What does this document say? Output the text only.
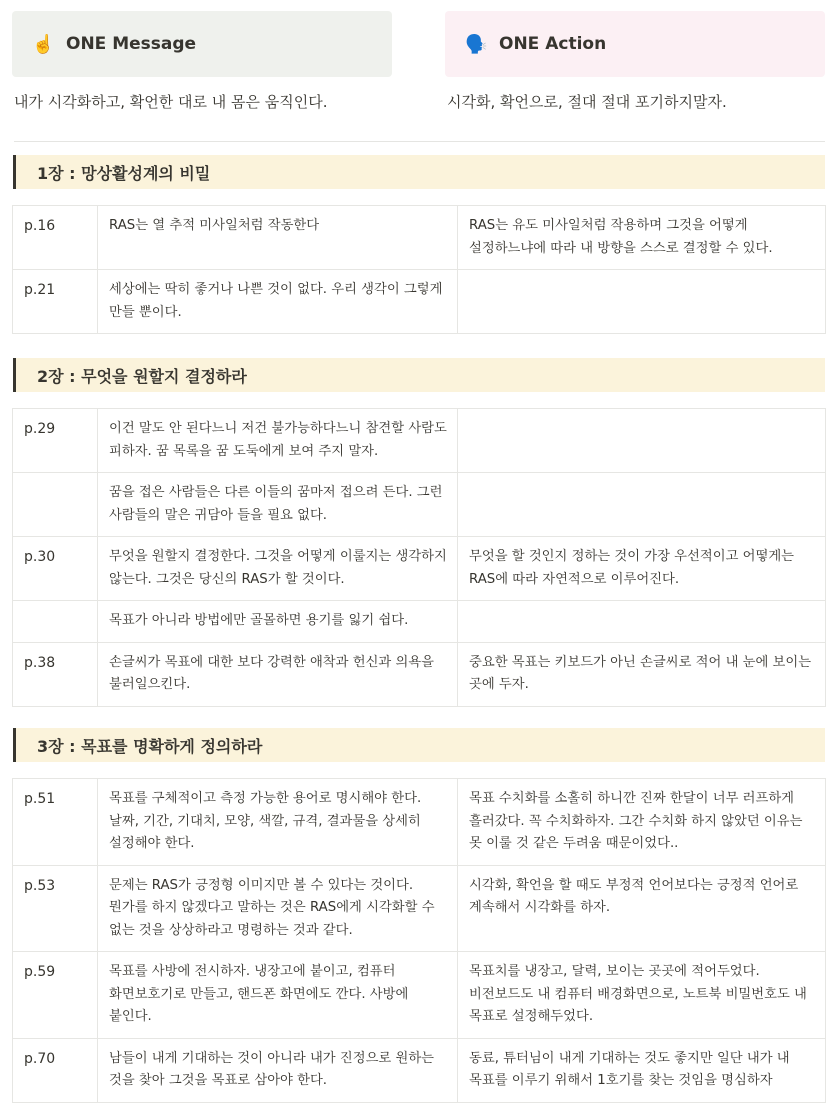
☝️ ONE Message	🗣️ ONE Action
내가 시각화하고, 확언한 대로 내 몸은 움직인다.	시각화, 확언으로, 절대 절대 포기하지말자.
1장 : 망상활성계의 비밀
p.16	RAS는 열 추적 미사일처럼 작동한다	RAS는 유도 미사일처럼 작용하며 그것을 어떻게 설정하느냐에 따라 내 방향을 스스로 결정할 수 있다.
p.21	세상에는 딱히 좋거나 나쁜 것이 없다. 우리 생각이 그렇게 만들 뿐이다.	
2장 : 무엇을 원할지 결정하라
p.29	이건 말도 안 된다느니 저건 불가능하다느니 참견할 사람도 피하자. 꿈 목록을 꿈 도둑에게 보여 주지 말자.	
	꿈을 접은 사람들은 다른 이들의 꿈마저 접으려 든다. 그런 사람들의 말은 귀담아 들을 필요 없다.	
p.30	무엇을 원할지 결정한다. 그것을 어떻게 이룰지는 생각하지 않는다. 그것은 당신의 RAS가 할 것이다.	무엇을 할 것인지 정하는 것이 가장 우선적이고 어떻게는 RAS에 따라 자연적으로 이루어진다.
	목표가 아니라 방법에만 골몰하면 용기를 잃기 쉽다.	
p.38	손글씨가 목표에 대한 보다 강력한 애착과 헌신과 의욕을 불러일으킨다.	중요한 목표는 키보드가 아닌 손글씨로 적어 내 눈에 보이는 곳에 두자.
3장 : 목표를 명확하게 정의하라
p.51	목표를 구체적이고 측정 가능한 용어로 명시해야 한다. 날짜, 기간, 기대치, 모양, 색깔, 규격, 결과물을 상세히 설정해야 한다.	목표 수치화를 소홀히 하니깐 진짜 한달이 너무 러프하게 흘러갔다. 꼭 수치화하자. 그간 수치화 하지 않았던 이유는 못 이룰 것 같은 두려움 때문이었다..
p.53	문제는 RAS가 긍정형 이미지만 볼 수 있다는 것이다. 뭔가를 하지 않겠다고 말하는 것은 RAS에게 시각화할 수 없는 것을 상상하라고 명령하는 것과 같다.	시각화, 확언을 할 때도 부정적 언어보다는 긍정적 언어로 계속해서 시각화를 하자.
p.59	목표를 사방에 전시하자. 냉장고에 붙이고, 컴퓨터 화면보호기로 만들고, 핸드폰 화면에도 깐다. 사방에 붙인다.	목표치를 냉장고, 달력, 보이는 곳곳에 적어두었다. 비전보드도 내 컴퓨터 배경화면으로, 노트북 비밀번호도 내 목표로 설정해두었다.
p.70	남들이 내게 기대하는 것이 아니라 내가 진정으로 원하는 것을 찾아 그것을 목표로 삼아야 한다.	동료, 튜터님이 내게 기대하는 것도 좋지만 일단 내가 내 목표를 이루기 위해서 1호기를 찾는 것임을 명심하자
